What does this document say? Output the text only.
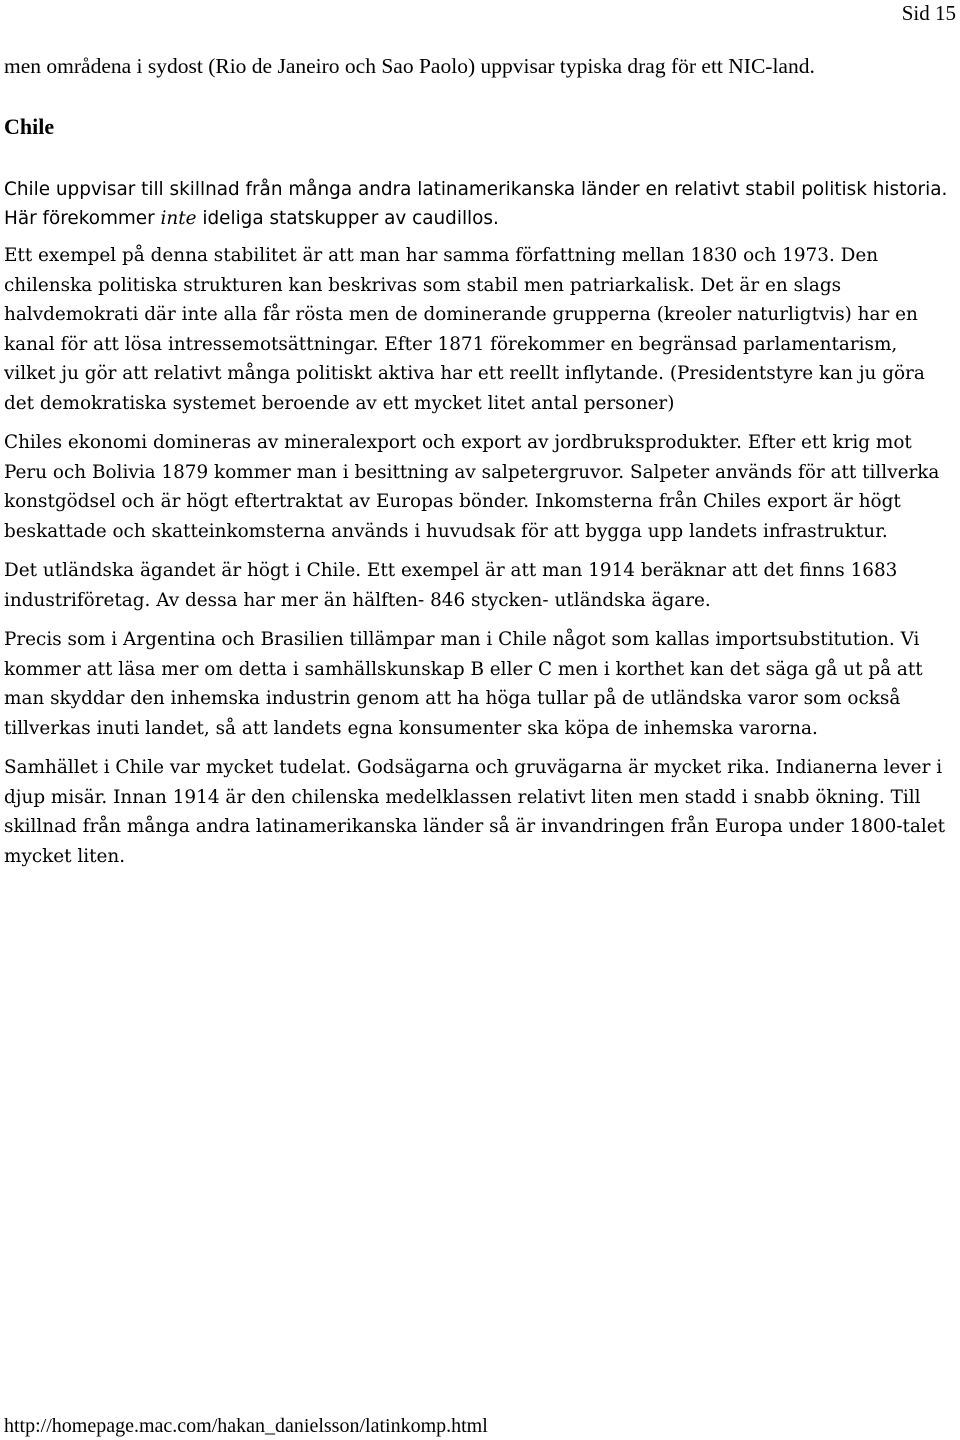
Sid 15

men områdena i sydost (Rio de Janeiro och Sao Paolo) uppvisar typiska drag för ett NIC-land.

Chile

Chile uppvisar till skillnad från många andra latinamerikanska länder en relativt stabil politisk historia. Här förekommer inte ideliga statskupper av caudillos.

Ett exempel på denna stabilitet är att man har samma författning mellan 1830 och 1973. Den chilenska politiska strukturen kan beskrivas som stabil men patriarkalisk. Det är en slags halvdemokrati där inte alla får rösta men de dominerande grupperna (kreoler naturligtvis) har en kanal för att lösa intressemotsättningar. Efter 1871 förekommer en begränsad parlamentarism, vilket ju gör att relativt många politiskt aktiva har ett reellt inflytande. (Presidentstyre kan ju göra det demokratiska systemet beroende av ett mycket litet antal personer)

Chiles ekonomi domineras av mineralexport och export av jordbruksprodukter. Efter ett krig mot Peru och Bolivia 1879 kommer man i besittning av salpetergruvor. Salpeter används för att tillverka konstgödsel och är högt eftertraktat av Europas bönder. Inkomsterna från Chiles export är högt beskattade och skatteinkomsterna används i huvudsak för att bygga upp landets infrastruktur.

Det utländska ägandet är högt i Chile. Ett exempel är att man 1914 beräknar att det finns 1683 industriföretag. Av dessa har mer än hälften- 846 stycken- utländska ägare.

Precis som i Argentina och Brasilien tillämpar man i Chile något som kallas importsubstitution. Vi kommer att läsa mer om detta i samhällskunskap B eller C men i korthet kan det säga gå ut på att man skyddar den inhemska industrin genom att ha höga tullar på de utländska varor som också tillverkas inuti landet, så att landets egna konsumenter ska köpa de inhemska varorna.

Samhället i Chile var mycket tudelat. Godsägarna och gruvägarna är mycket rika. Indianerna lever i djup misär. Innan 1914 är den chilenska medelklassen relativt liten men stadd i snabb ökning. Till skillnad från många andra latinamerikanska länder så är invandringen från Europa under 1800-talet mycket liten.

http://homepage.mac.com/hakan_danielsson/latinkomp.html
